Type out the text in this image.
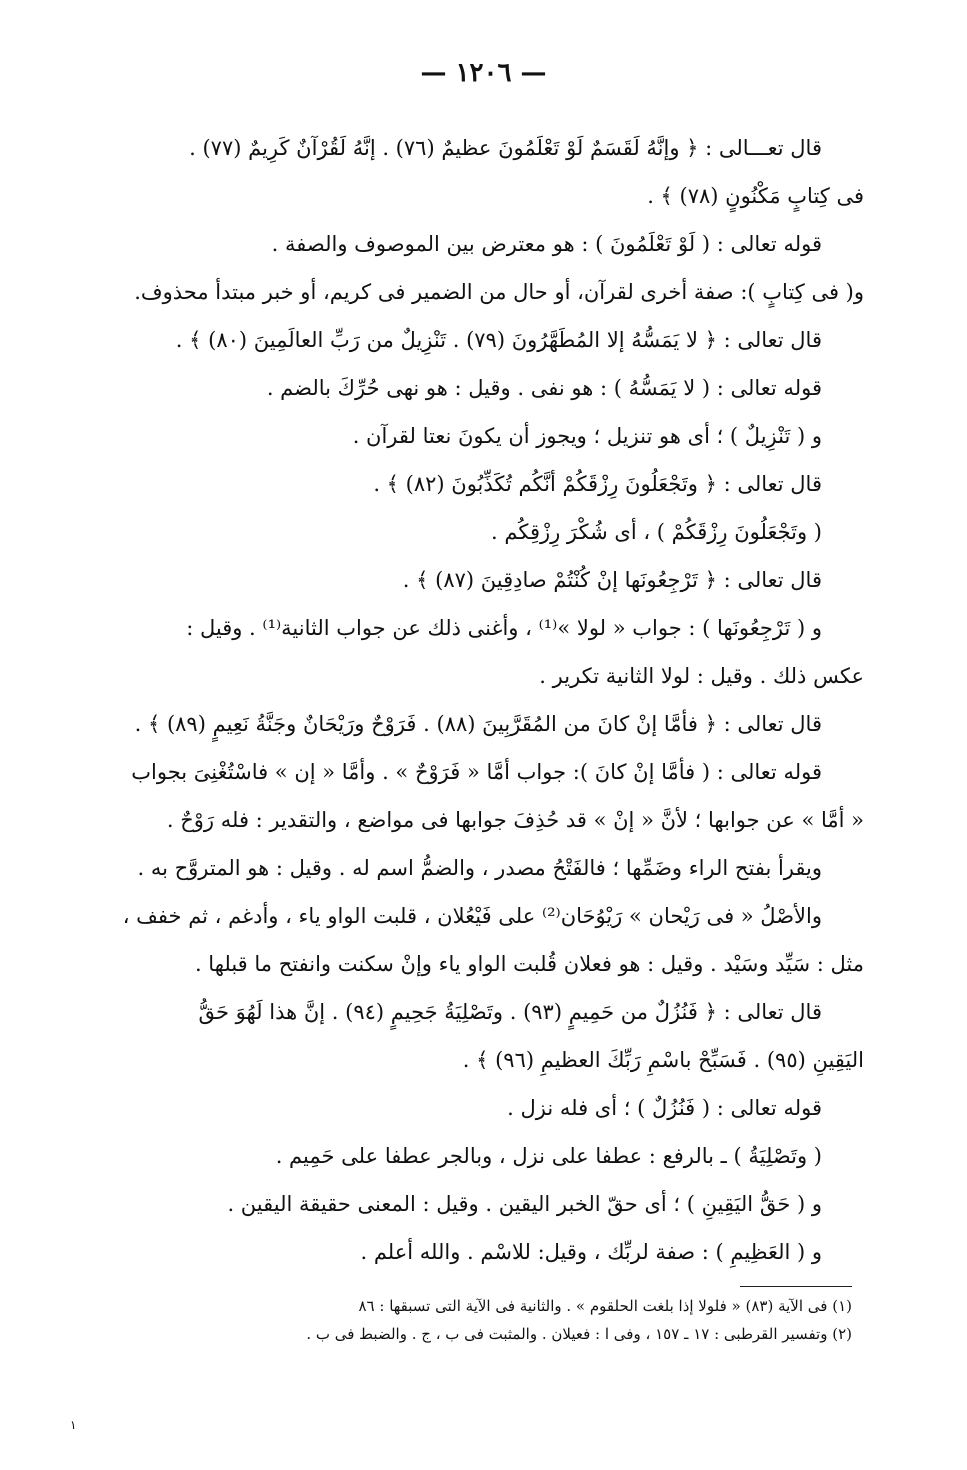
— ١٢٠٦ —
قال تعـــالى : ﴿ وإنَّهُ لَقَسَمٌ لَوْ تَعْلَمُونَ عظيمٌ (٧٦) . إنَّهُ لَقُرْآنٌ كَرِيمٌ (٧٧) .
فى كِتابٍ مَكْنُونٍ (٧٨) ﴾ .
قوله تعالى : ( لَوْ تَعْلَمُونَ ) : هو معترض بين الموصوف والصفة .
و( فى كِتابٍ ): صفة أخرى لقرآن، أو حال من الضمير فى كريم، أو خبر مبتدأ محذوف.
قال تعالى : ﴿ لا يَمَسُّهُ إلا المُطَهَّرُونَ (٧٩) . تَنْزِيلٌ من رَبِّ العالَمِينَ (٨٠) ﴾ .
قوله تعالى : ( لا يَمَسُّهُ ) : هو نفى . وقيل : هو نهى حُرِّكَ بالضم .
و ( تَنْزِيلٌ ) ؛ أى هو تنزيل ؛ ويجوز أن يكونَ نعتا لقرآن .
قال تعالى : ﴿ وتَجْعَلُونَ رِزْقَكُمْ أنَّكُم تُكَذِّبُونَ (٨٢) ﴾ .
( وتَجْعَلُونَ رِزْقَكُمْ ) ، أى شُكْرَ رِزْقِكُم .
قال تعالى : ﴿ تَرْجِعُونَها إنْ كُنْتُمْ صادِقِينَ (٨٧) ﴾ .
و ( تَرْجِعُونَها ) : جواب « لولا »⁽¹⁾ ، وأغنى ذلك عن جواب الثانية⁽¹⁾ . وقيل :
عكس ذلك . وقيل : لولا الثانية تكرير .
قال تعالى : ﴿ فأمَّا إنْ كانَ من المُقَرَّبِينَ (٨٨) . فَرَوْحٌ ورَيْحَانٌ وجَنَّةُ نَعِيمٍ (٨٩) ﴾ .
قوله تعالى : ( فأمَّا إنْ كانَ ): جواب أمَّا « فَرَوْحٌ » . وأمَّا « إن » فاسْتُغْنِىَ بجواب
« أمَّا » عن جوابها ؛ لأنَّ « إنْ » قد حُذِفَ جوابها فى مواضع ، والتقدير : فله رَوْحٌ .
ويقرأ بفتح الراء وضَمِّها ؛ فالفَتْحُ مصدر ، والضمُّ اسم له . وقيل : هو المتروَّح به .
والأصْلُ « فى رَيْحان » رَيْوُحَان⁽²⁾ على فَيْعُلان ، قلبت الواو ياء ، وأدغم ، ثم خفف ،
مثل : سَيِّد وسَيْد . وقيل : هو فعلان قُلبت الواو ياء وإنْ سكنت وانفتح ما قبلها .
قال تعالى : ﴿ فَنُزُلٌ من حَمِيمٍ (٩٣) . وتَصْلِيَةُ جَحِيمٍ (٩٤) . إنَّ هذا لَهُوَ حَقُّ
اليَقِينِ (٩٥) . فَسَبِّحْ باسْمِ رَبِّكَ العظيمِ (٩٦) ﴾ .
قوله تعالى : ( فَنُزُلٌ ) ؛ أى فله نزل .
( وتَصْلِيَةُ ) ـ بالرفع : عطفا على نزل ، وبالجر عطفا على حَمِيم .
و ( حَقُّ اليَقِينِ ) ؛ أى حقّ الخبر اليقين . وقيل : المعنى حقيقة اليقين .
و ( العَظِيمِ ) : صفة لربِّك ، وقيل: للاسْم . والله أعلم .
(١) فى الآية (٨٣) « فلولا إذا بلغت الحلقوم » . والثانية فى الآية التى تسبقها : ٨٦
(٢) وتفسير القرطبى : ١٧ ـ ١٥٧ ، وفى ا : فعيلان . والمثبت فى ب ، ج . والضبط فى ب .
١
